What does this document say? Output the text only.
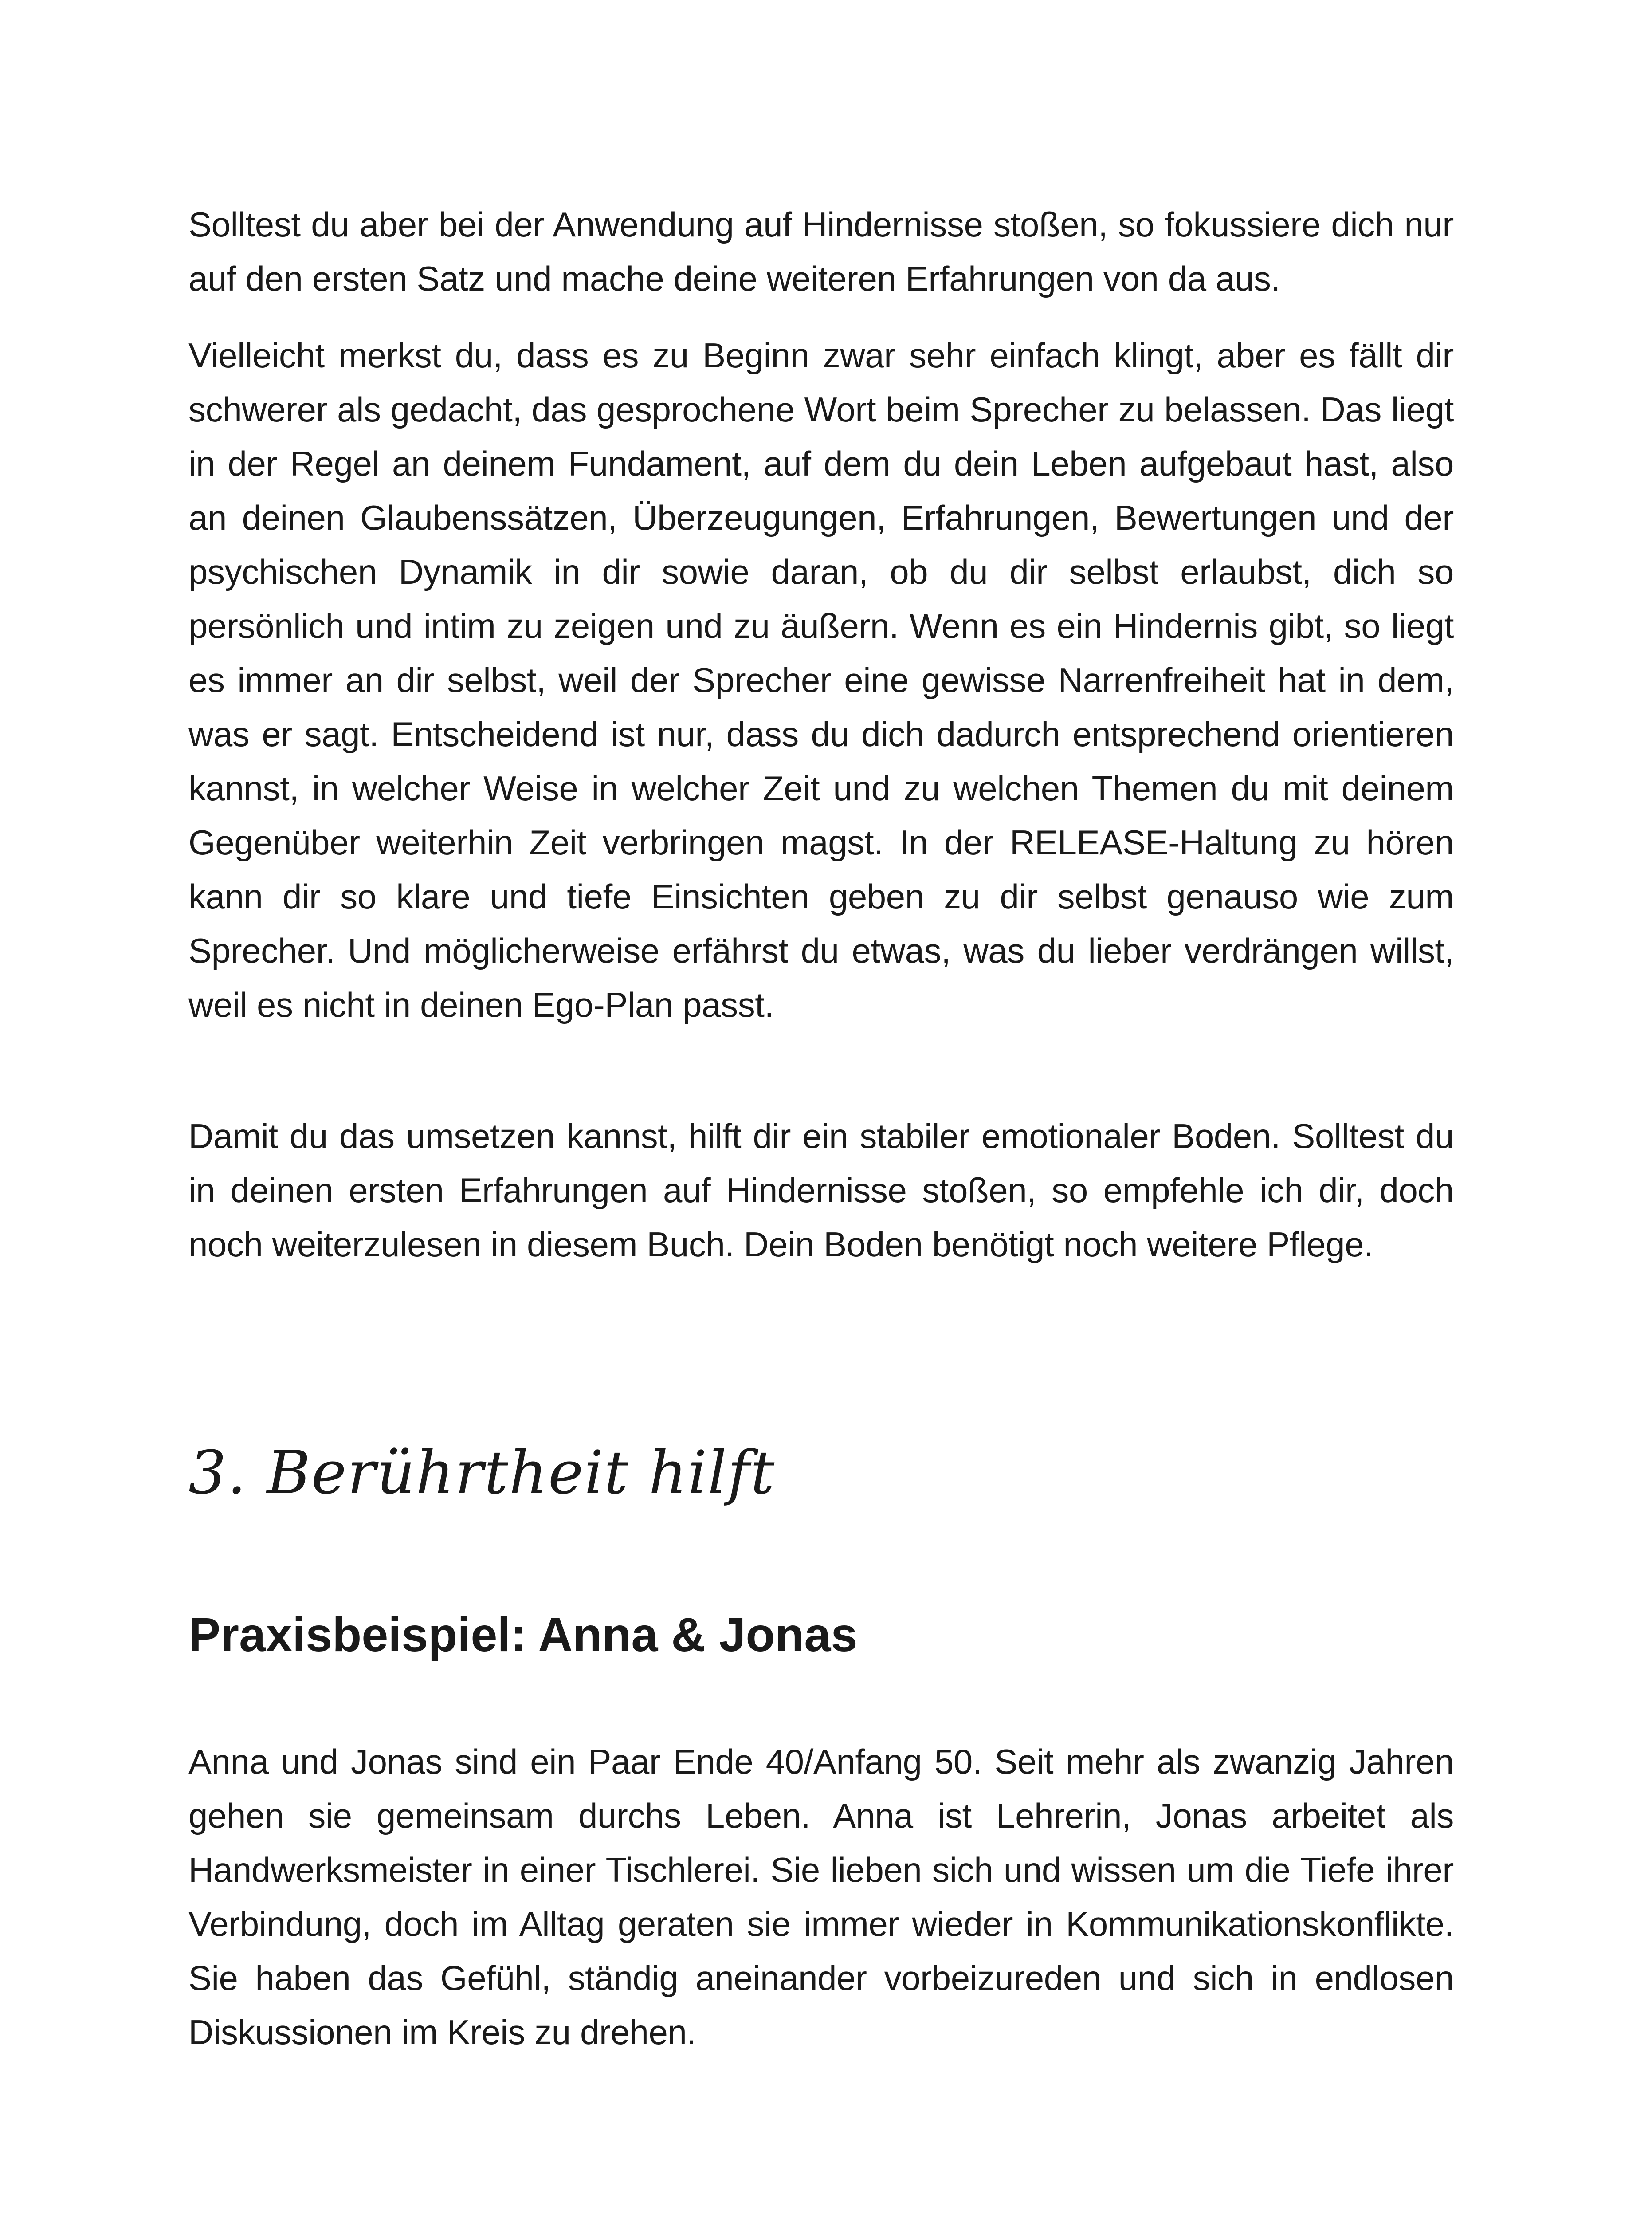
Solltest du aber bei der Anwendung auf Hindernisse stoßen, so fokussiere dich nur auf den ersten Satz und mache deine weiteren Erfahrungen von da aus.

Vielleicht merkst du, dass es zu Beginn zwar sehr einfach klingt, aber es fällt dir schwerer als gedacht, das gesprochene Wort beim Sprecher zu belassen. Das liegt in der Regel an deinem Fundament, auf dem du dein Leben aufgebaut hast, also an deinen Glaubenssätzen, Überzeugungen, Erfahrungen, Bewertungen und der psychischen Dynamik in dir sowie daran, ob du dir selbst erlaubst, dich so persönlich und intim zu zeigen und zu äußern. Wenn es ein Hindernis gibt, so liegt es immer an dir selbst, weil der Sprecher eine gewisse Narrenfreiheit hat in dem, was er sagt. Entscheidend ist nur, dass du dich dadurch entsprechend orientieren kannst, in welcher Weise in welcher Zeit und zu welchen Themen du mit deinem Gegenüber weiterhin Zeit verbringen magst. In der RELEASE-Haltung zu hören kann dir so klare und tiefe Einsichten geben zu dir selbst genauso wie zum Sprecher. Und möglicherweise erfährst du etwas, was du lieber verdrängen willst, weil es nicht in deinen Ego-Plan passt.

Damit du das umsetzen kannst, hilft dir ein stabiler emotionaler Boden. Solltest du in deinen ersten Erfahrungen auf Hindernisse stoßen, so empfehle ich dir, doch noch weiterzulesen in diesem Buch. Dein Boden benötigt noch weitere Pflege.

3. Berührtheit hilft
Praxisbeispiel: Anna & Jonas

Anna und Jonas sind ein Paar Ende 40/Anfang 50. Seit mehr als zwanzig Jahren gehen sie gemeinsam durchs Leben. Anna ist Lehrerin, Jonas arbeitet als Handwerksmeister in einer Tischlerei. Sie lieben sich und wissen um die Tiefe ihrer Verbindung, doch im Alltag geraten sie immer wieder in Kommunikationskonflikte. Sie haben das Gefühl, ständig aneinander vorbeizureden und sich in endlosen Diskussionen im Kreis zu drehen.
